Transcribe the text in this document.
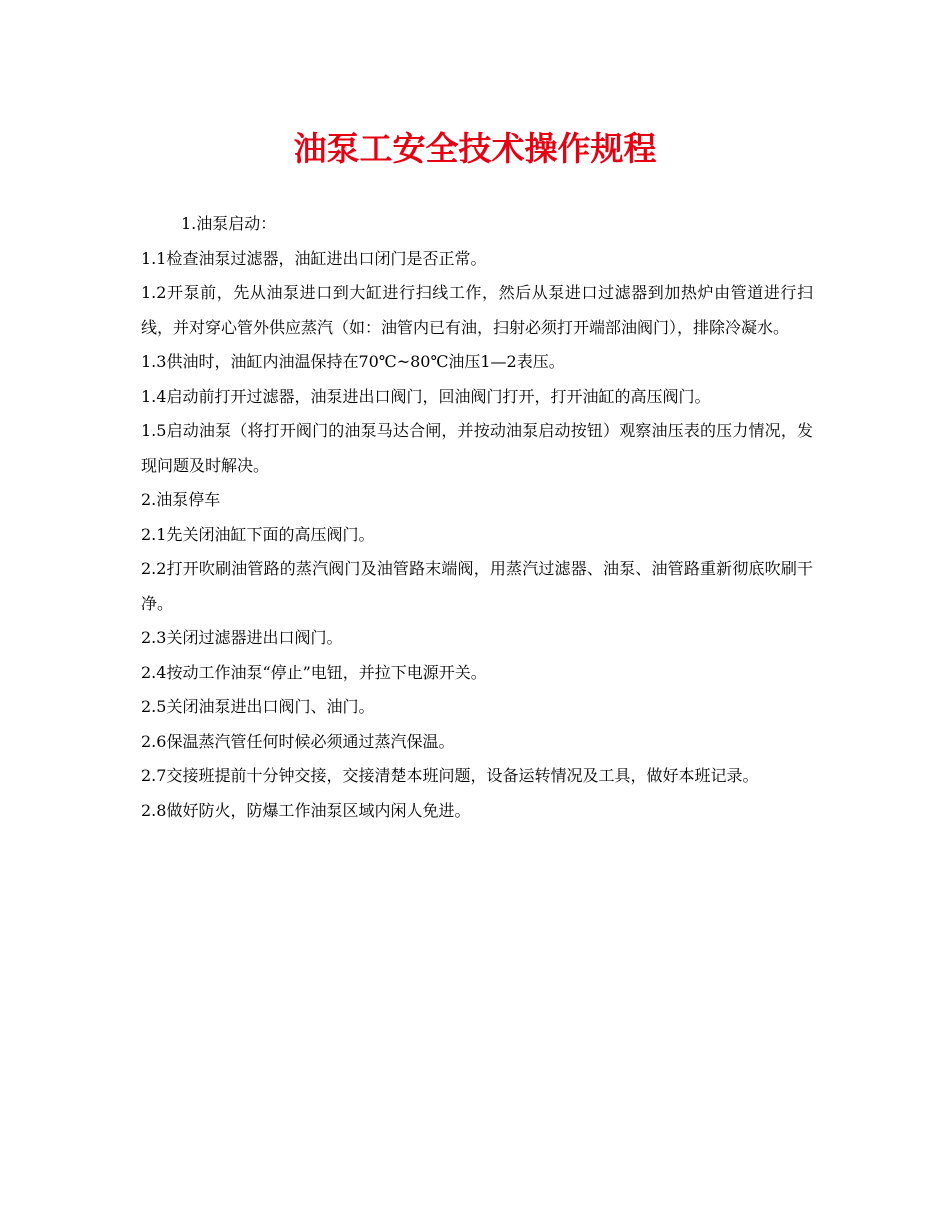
油泵工安全技术操作规程

1.油泵启动：

1.1检查油泵过滤器，油缸进出口闭门是否正常。

1.2开泵前，先从油泵进口到大缸进行扫线工作，然后从泵进口过滤器到加热炉由管道进行扫线，并对穿心管外供应蒸汽（如：油管内已有油，扫射必须打开端部油阀门），排除冷凝水。

1.3供油时，油缸内油温保持在70℃~80℃油压1—2表压。

1.4启动前打开过滤器，油泵进出口阀门，回油阀门打开，打开油缸的高压阀门。

1.5启动油泵（将打开阀门的油泵马达合闸，并按动油泵启动按钮）观察油压表的压力情况，发现问题及时解决。

2.油泵停车

2.1先关闭油缸下面的高压阀门。

2.2打开吹刷油管路的蒸汽阀门及油管路末端阀，用蒸汽过滤器、油泵、油管路重新彻底吹刷干净。

2.3关闭过滤器进出口阀门。

2.4按动工作油泵“停止”电钮，并拉下电源开关。

2.5关闭油泵进出口阀门、油门。

2.6保温蒸汽管任何时候必须通过蒸汽保温。

2.7交接班提前十分钟交接，交接清楚本班问题，设备运转情况及工具，做好本班记录。

2.8做好防火，防爆工作油泵区域内闲人免进。
